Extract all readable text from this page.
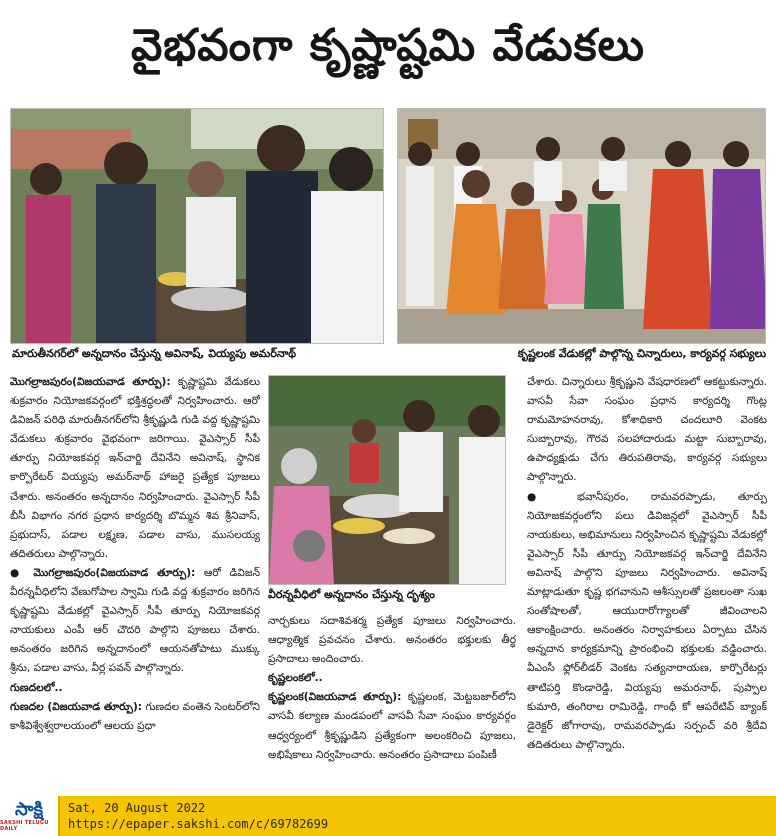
వైభవంగా కృష్ణాష్టమి వేడుకలు
మారుతీనగర్‌లో అన్నదానం చేస్తున్న అవినాష్‌, వియ్యపు అమర్‌నాథ్‌	కృష్ణలంక వేడుకల్లో పాల్గొన్న చిన్నారులు, కార్యవర్గ సభ్యులు
వీరన్నవీధిలో అన్నదానం చేస్తున్న దృశ్యం

మొగల్రాజపురం(విజయవాడ తూర్పు): కృష్ణాష్టమి వేడుకలు శుక్రవారం నియోజకవర్గంలో భక్తిశ్రద్ధలతో నిర్వహించారు. ఆరో డివిజన్‌ పరిధి మారుతీనగర్‌లోని శ్రీకృష్ణుడి గుడి వద్ద కృష్ణాష్టమి వేడుకలు శుక్రవారం వైభవంగా జరిగాయి. వైఎస్సార్‌ సీపీ తూర్పు నియోజకవర్గ ఇన్‌చార్జి దేవినేని అవినాష్‌, స్థానిక కార్పొరేటర్‌ వియ్యపు అమర్‌నాథ్‌ హాజరై ప్రత్యేక పూజలు చేశారు. అనంతరం అన్నదానం నిర్వహించారు. వైఎస్సార్‌ సీపీ బీసీ విభాగం నగర ప్రధాన కార్యదర్శి బొమ్మన శివ శ్రీనివాస్‌, ప్రభుదాస్‌, పడాల లక్ష్మణ, పడాల వాసు, ముసలయ్య తదితరులు పాల్గొన్నారు.

● మొగల్రాజపురం(విజయవాడ తూర్పు): ఆరో డివిజన్‌ వీరన్నవీధిలోని వేణుగోపాల స్వామి గుడి వద్ద శుక్రవారం జరిగిన కృష్ణాష్టమి వేడుకల్లో వైఎస్సార్‌ సీపీ తూర్పు నియోజకవర్గ నాయకులు ఎంపీ ఆర్‌ చౌదరి పాల్గొని పూజలు చేశారు. అనంతరం జరిగిన అన్నదానంలో ఆయనతోపాటు ముక్కు శ్రీను, పడాల వాసు, వీర్ల పవన్‌ పాల్గొన్నారు.

గుణదలలో..

గుణదల (విజయవాడ తూర్పు): గుణదల వంతెన సెంటర్‌లోని కాశీవిశ్వేశ్వరాలయంలో ఆలయ ప్రధా

నార్చకులు సదాశివశర్మ ప్రత్యేక పూజలు నిర్వహించారు. ఆధ్యాత్మిక ప్రవచనం చేశారు. అనంతరం భక్తులకు తీర్థ ప్రసాదాలు అందించారు.

కృష్ణలంకలో..

కృష్ణలంక(విజయవాడ తూర్పు): కృష్ణలంక, మెట్టబజార్‌లోని వాసవీ కల్యాణ మండపంలో వాసవీ సేవా సంఘం కార్యవర్గం ఆధ్వర్యంలో శ్రీకృష్ణుడిని ప్రత్యేకంగా అలంకరించి పూజలు, అభిషేకాలు నిర్వహించారు. అనంతరం ప్రసాదాలు పంపిణీ

చేశారు. చిన్నారులు శ్రీకృష్ణుని వేషధారణలో ఆకట్టుకున్నారు. వాసవీ సేవా సంఘం ప్రధాన కార్యదర్శి గొంట్ల రామమోహనరావు, కోశాధికారి చందలూరి వెంకట సుబ్బారావు, గౌరవ సలహాదారుడు మట్టా సుబ్బారావు, ఉపాధ్యక్షుడు చేగు తిరుపతిరావు, కార్యవర్గ సభ్యులు పాల్గొన్నారు.

● భవానీపురం, రామవరప్పాడు, తూర్పు నియోజకవర్గంలోని పలు డివిజన్లలో వైఎస్సార్‌ సీపీ నాయకులు, అభిమానులు నిర్వహించిన కృష్ణాష్టమి వేడుకల్లో వైఎస్సార్‌ సీపీ తూర్పు నియోజకవర్గ ఇన్‌చార్జి దేవినేని అవినాష్‌ పాల్గొని పూజలు నిర్వహించారు. అవినాష్‌ మాట్లాడుతూ కృష్ణ భగవానుని ఆశీస్సులతో ప్రజలంతా సుఖ సంతోషాలతో, ఆయురారోగ్యాలతో జీవించాలని ఆకాంక్షించారు. అనంతరం నిర్వాహకులు ఏర్పాటు చేసిన అన్నదాన కార్యక్రమాన్ని ప్రారంభించి భక్తులకు వడ్డించారు. వీఎంసీ ఫ్లోర్‌లీడర్‌ వెంకట సత్యనారాయణ, కార్పొరేటర్లు తాటిపర్తి కొండారెడ్డి, వియ్యపు అమరనాథ్‌, పుప్పాల కుమారి, తంగిరాల రామిరెడ్డి, గాంధీ కో ఆపరేటివ్‌ బ్యాంక్‌ డైరెక్టర్‌ జోగారావు, రామవరప్పాడు సర్పంచ్‌ వరి శ్రీదేవి తదితరులు పాల్గొన్నారు.

సాక్షి
SAKSHI TELUGU DAILY
Sat, 20 August 2022
https://epaper.sakshi.com/c/69782699
